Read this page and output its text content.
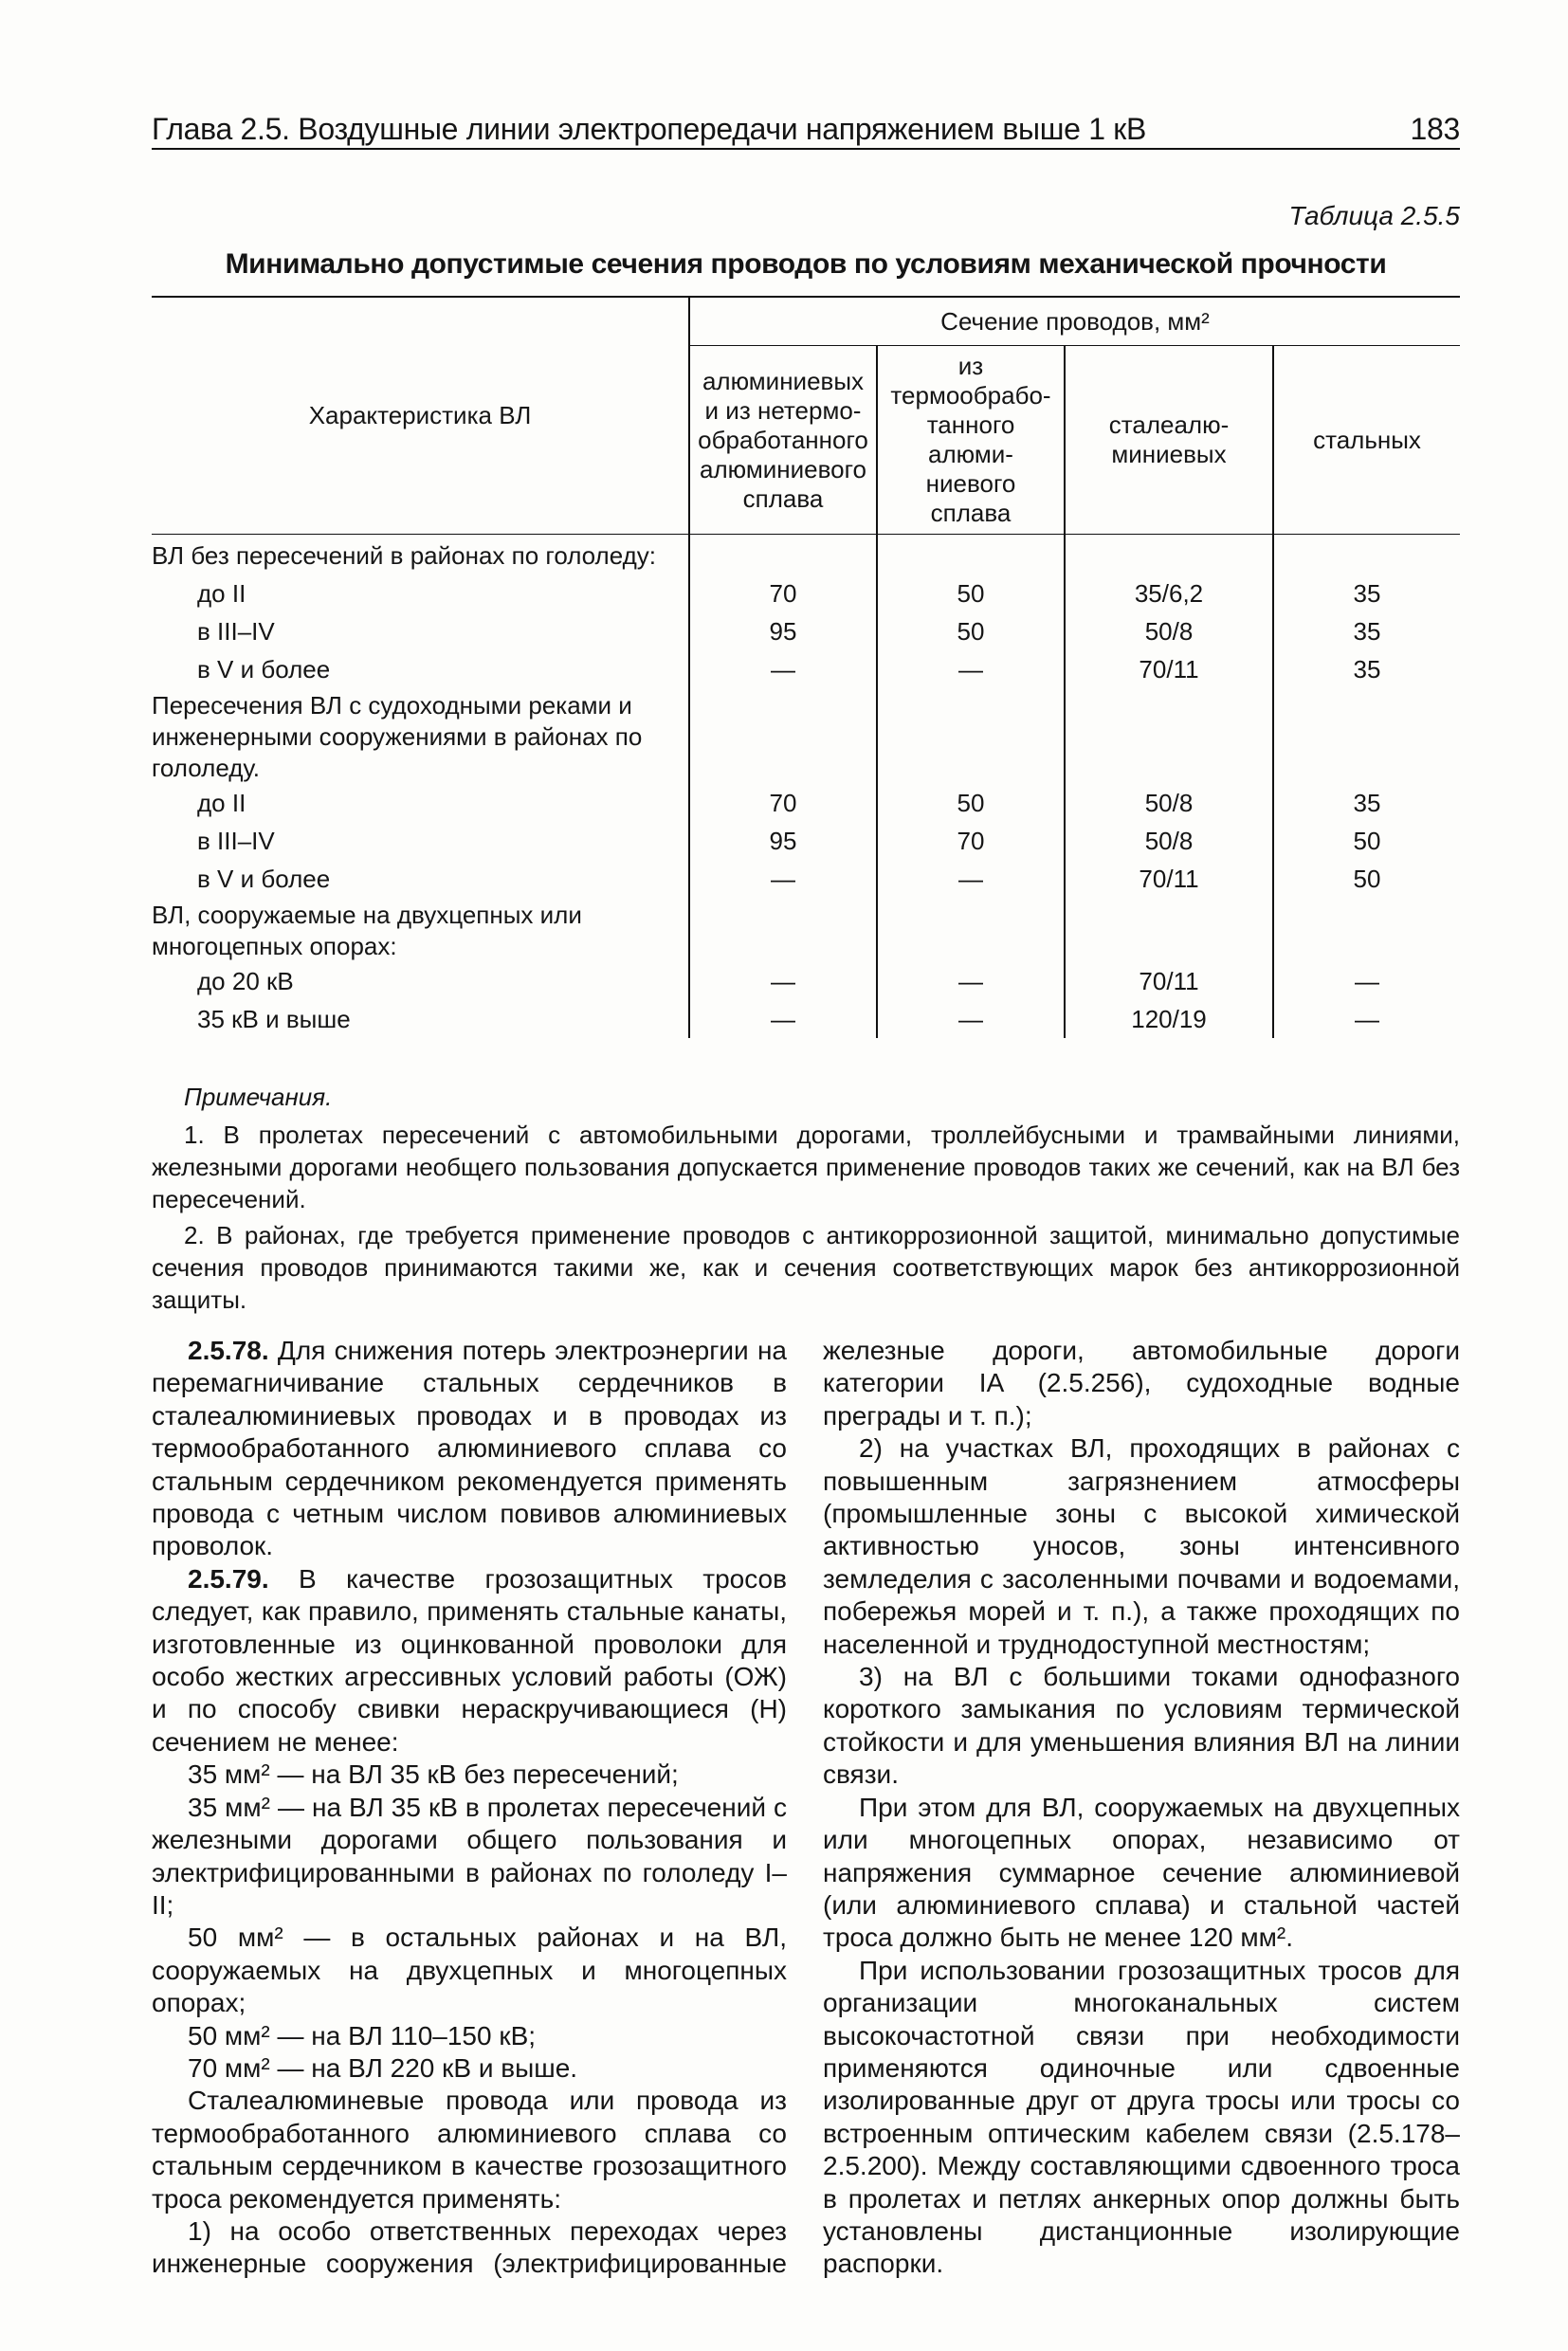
Глава 2.5. Воздушные линии электропередачи напряжением выше 1 кВ	183
Таблица 2.5.5
Минимально допустимые сечения проводов по условиям механической прочности
Характеристика ВЛ	Сечение проводов, мм²			
	алюминиевых и из нетермо-обработанного алюминиевого сплава	из термообрабо-танного алюми-ниевого сплава	сталеалю-миниевых	стальных
ВЛ без пересечений в районах по гололеду:				
до II	70	50	35/6,2	35
в III–IV	95	50	50/8	35
в V и более	—	—	70/11	35
Пересечения ВЛ с судоходными реками и инженерными сооружениями в районах по гололеду.				
до II	70	50	50/8	35
в III–IV	95	70	50/8	50
в V и более	—	—	70/11	50
ВЛ, сооружаемые на двухцепных или многоцепных опорах:				
до 20 кВ	—	—	70/11	—
35 кВ и выше	—	—	120/19	—
Примечания.

1. В пролетах пересечений с автомобильными дорогами, троллейбусными и трамвайными линиями, железными дорогами необщего пользования допускается применение проводов таких же сечений, как на ВЛ без пересечений.

2. В районах, где требуется применение проводов с антикоррозионной защитой, минимально допустимые сечения проводов принимаются такими же, как и сечения соответствующих марок без антикоррозионной защиты.

2.5.78. Для снижения потерь электроэнергии на перемагничивание стальных сердечников в сталеалюминиевых проводах и в проводах из термообработанного алюминиевого сплава со стальным сердечником рекомендуется применять провода с четным числом повивов алюминиевых проволок.

2.5.79. В качестве грозозащитных тросов следует, как правило, применять стальные канаты, изготовленные из оцинкованной проволоки для особо жестких агрессивных условий работы (ОЖ) и по способу свивки нераскручивающиеся (Н) сечением не менее:

35 мм² — на ВЛ 35 кВ без пересечений;

35 мм² — на ВЛ 35 кВ в пролетах пересечений с железными дорогами общего пользования и электрифицированными в районах по гололеду I–II;

50 мм² — в остальных районах и на ВЛ, сооружаемых на двухцепных и многоцепных опорах;

50 мм² — на ВЛ 110–150 кВ;

70 мм² — на ВЛ 220 кВ и выше.

Сталеалюминевые провода или провода из термообработанного алюминиевого сплава со стальным сердечником в качестве грозозащитного троса рекомендуется применять:

1) на особо ответственных переходах через инженерные сооружения (электрифицированные

железные дороги, автомобильные дороги категории IA (2.5.256), судоходные водные преграды и т. п.);

2) на участках ВЛ, проходящих в районах с повышенным загрязнением атмосферы (промышленные зоны с высокой химической активностью уносов, зоны интенсивного земледелия с засоленными почвами и водоемами, побережья морей и т. п.), а также проходящих по населенной и труднодоступной местностям;

3) на ВЛ с большими токами однофазного короткого замыкания по условиям термической стойкости и для уменьшения влияния ВЛ на линии связи.

При этом для ВЛ, сооружаемых на двухцепных или многоцепных опорах, независимо от напряжения суммарное сечение алюминиевой (или алюминиевого сплава) и стальной частей троса должно быть не менее 120 мм².

При использовании грозозащитных тросов для организации многоканальных систем высокочастотной связи при необходимости применяются одиночные или сдвоенные изолированные друг от друга тросы или тросы со встроенным оптическим кабелем связи (2.5.178–2.5.200). Между составляющими сдвоенного троса в пролетах и петлях анкерных опор должны быть установлены дистанционные изолирующие распорки.
